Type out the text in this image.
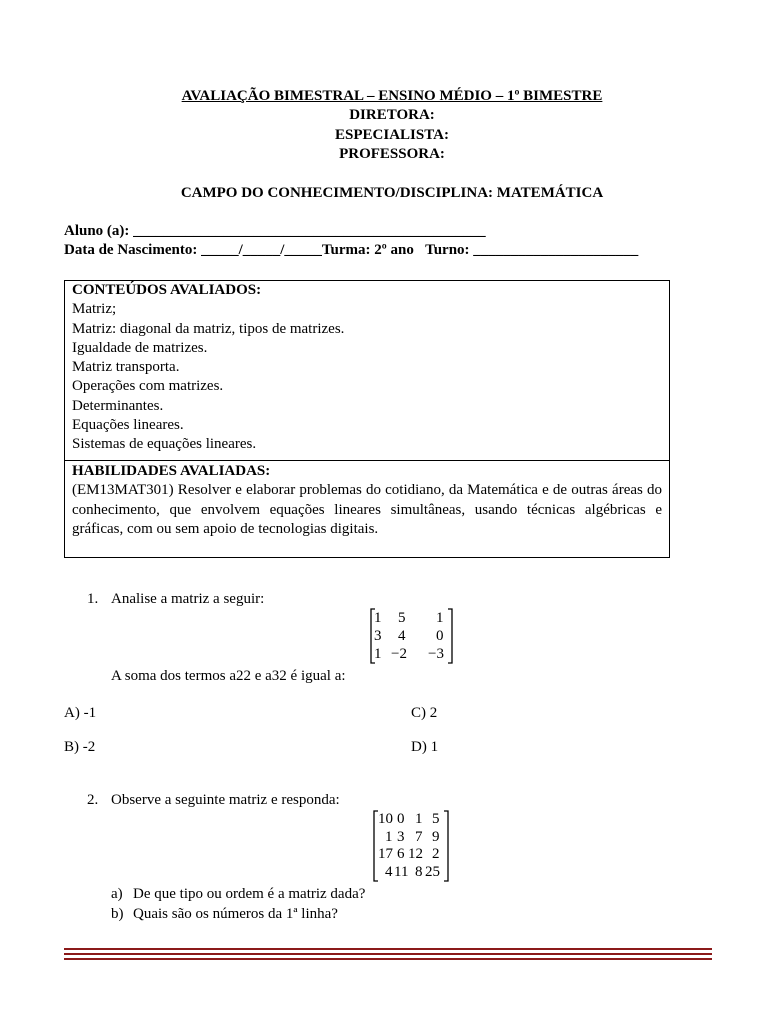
AVALIAÇÃO BIMESTRAL – ENSINO MÉDIO – 1º BIMESTRE
DIRETORA:
ESPECIALISTA:
PROFESSORA:
CAMPO DO CONHECIMENTO/DISCIPLINA: MATEMÁTICA
Aluno (a): _______________________________________________
Data de Nascimento: _____/_____/_____Turma: 2º ano Turno: ______________________
CONTEÚDOS AVALIADOS:
Matriz;
Matriz: diagonal da matriz, tipos de matrizes.
Igualdade de matrizes.
Matriz transporta.
Operações com matrizes.
Determinantes.
Equações lineares.
Sistemas de equações lineares.
HABILIDADES AVALIADAS:
(EM13MAT301) Resolver e elaborar problemas do cotidiano, da Matemática e de outras áreas do conhecimento, que envolvem equações lineares simultâneas, usando técnicas algébricas e gráficas, com ou sem apoio de tecnologias digitais.
1. Analise a matriz a seguir:
1 5 1
3 4 0
1 −2 −3
A soma dos termos a22 e a32 é igual a:
A) -1	C) 2
B) -2	D) 1
2. Observe a seguinte matriz e responda:
10 0 1 5
1 3 7 9
17 6 12 2
4 11 8 25
a) De que tipo ou ordem é a matriz dada?
b) Quais são os números da 1ª linha?
